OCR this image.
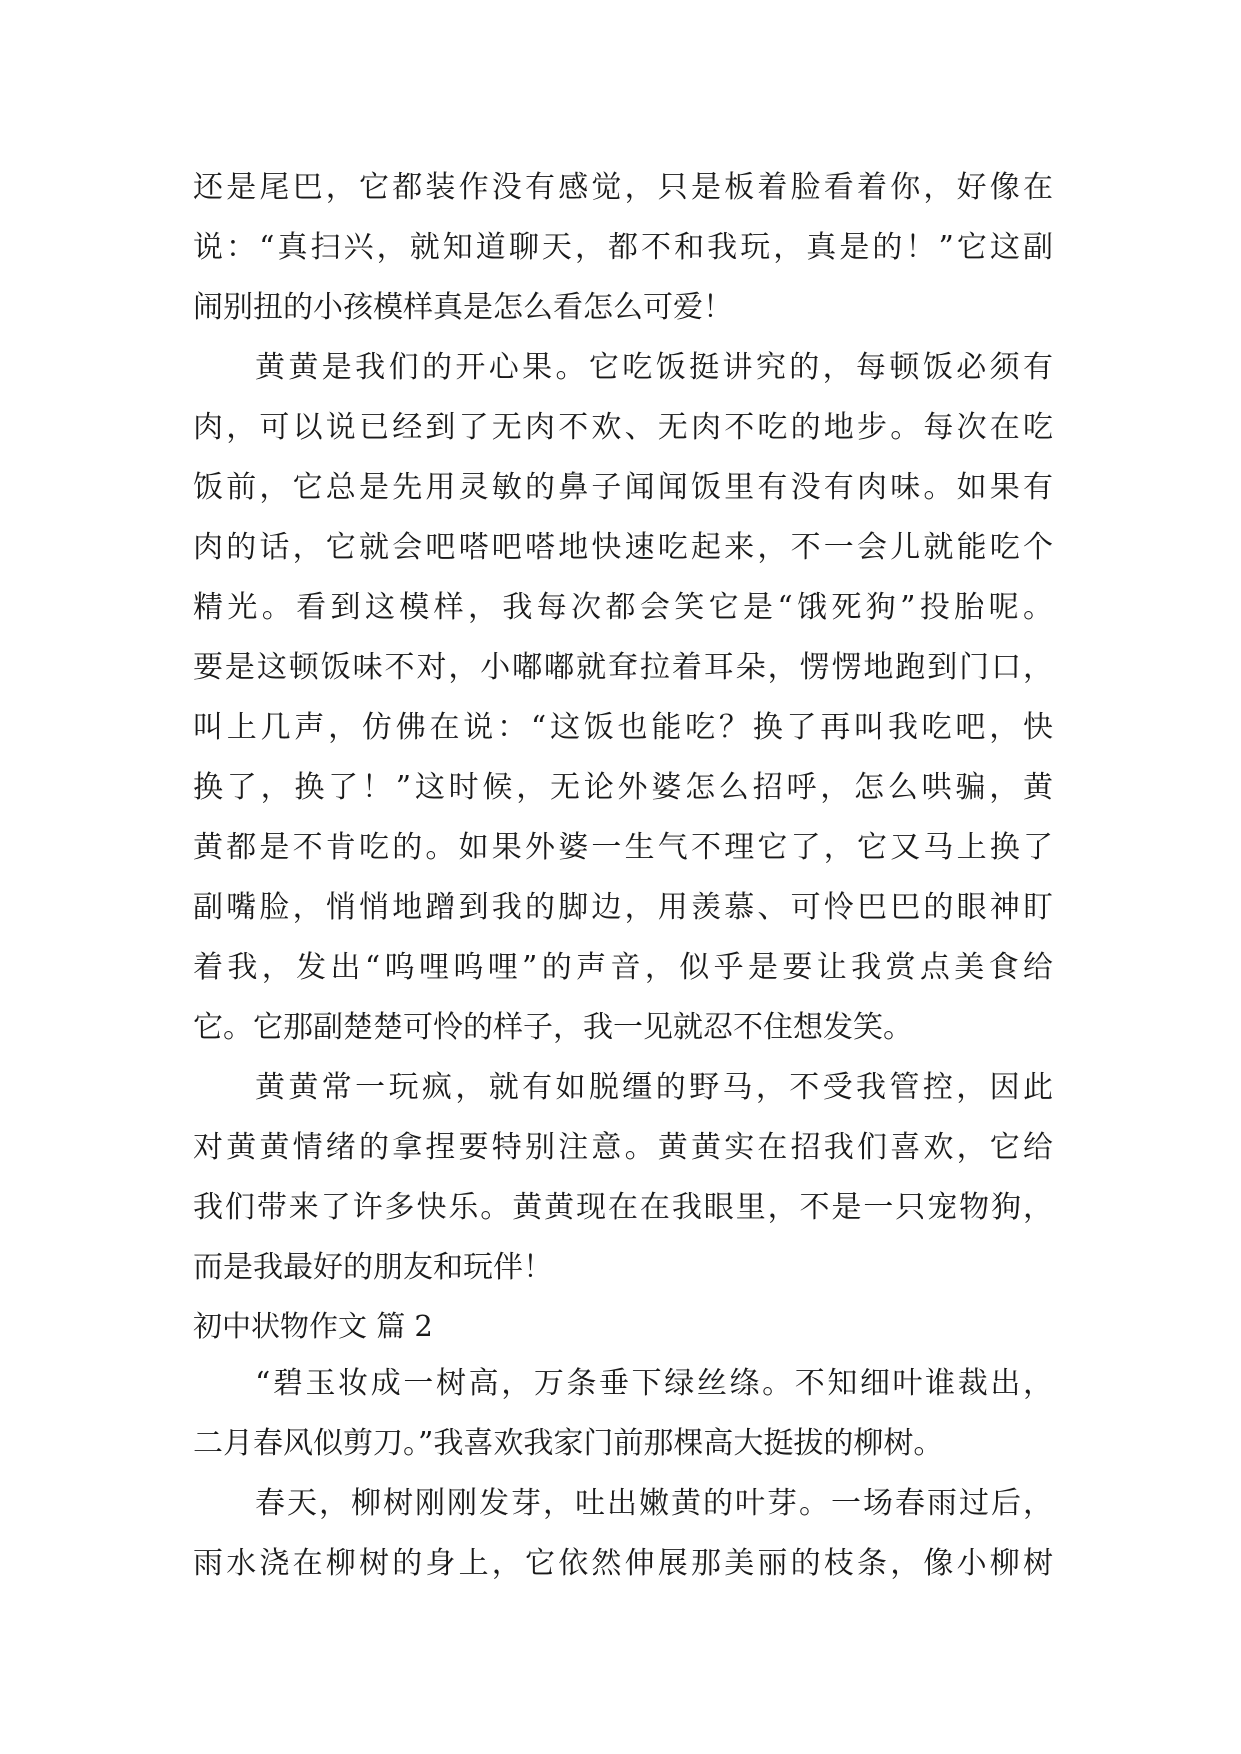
还是尾巴，它都装作没有感觉，只是板着脸看着你，好像在
说：“真扫兴，就知道聊天，都不和我玩，真是的！”它这副
闹别扭的小孩模样真是怎么看怎么可爱！
黄黄是我们的开心果。它吃饭挺讲究的，每顿饭必须有
肉，可以说已经到了无肉不欢、无肉不吃的地步。每次在吃
饭前，它总是先用灵敏的鼻子闻闻饭里有没有肉味。如果有
肉的话，它就会吧嗒吧嗒地快速吃起来，不一会儿就能吃个
精光。看到这模样，我每次都会笑它是“饿死狗”投胎呢。
要是这顿饭味不对，小嘟嘟就耷拉着耳朵，愣愣地跑到门口，
叫上几声，仿佛在说：“这饭也能吃？换了再叫我吃吧，快
换了，换了！”这时候，无论外婆怎么招呼，怎么哄骗，黄
黄都是不肯吃的。如果外婆一生气不理它了，它又马上换了
副嘴脸，悄悄地蹭到我的脚边，用羡慕、可怜巴巴的眼神盯
着我，发出“呜哩呜哩”的声音，似乎是要让我赏点美食给
它。它那副楚楚可怜的样子，我一见就忍不住想发笑。
黄黄常一玩疯，就有如脱缰的野马，不受我管控，因此
对黄黄情绪的拿捏要特别注意。黄黄实在招我们喜欢，它给
我们带来了许多快乐。黄黄现在在我眼里，不是一只宠物狗，
而是我最好的朋友和玩伴！
初中状物作文 篇 2
“碧玉妆成一树高，万条垂下绿丝绦。不知细叶谁裁出，
二月春风似剪刀。”我喜欢我家门前那棵高大挺拔的柳树。
春天，柳树刚刚发芽，吐出嫩黄的叶芽。一场春雨过后，
雨水浇在柳树的身上，它依然伸展那美丽的枝条，像小柳树
